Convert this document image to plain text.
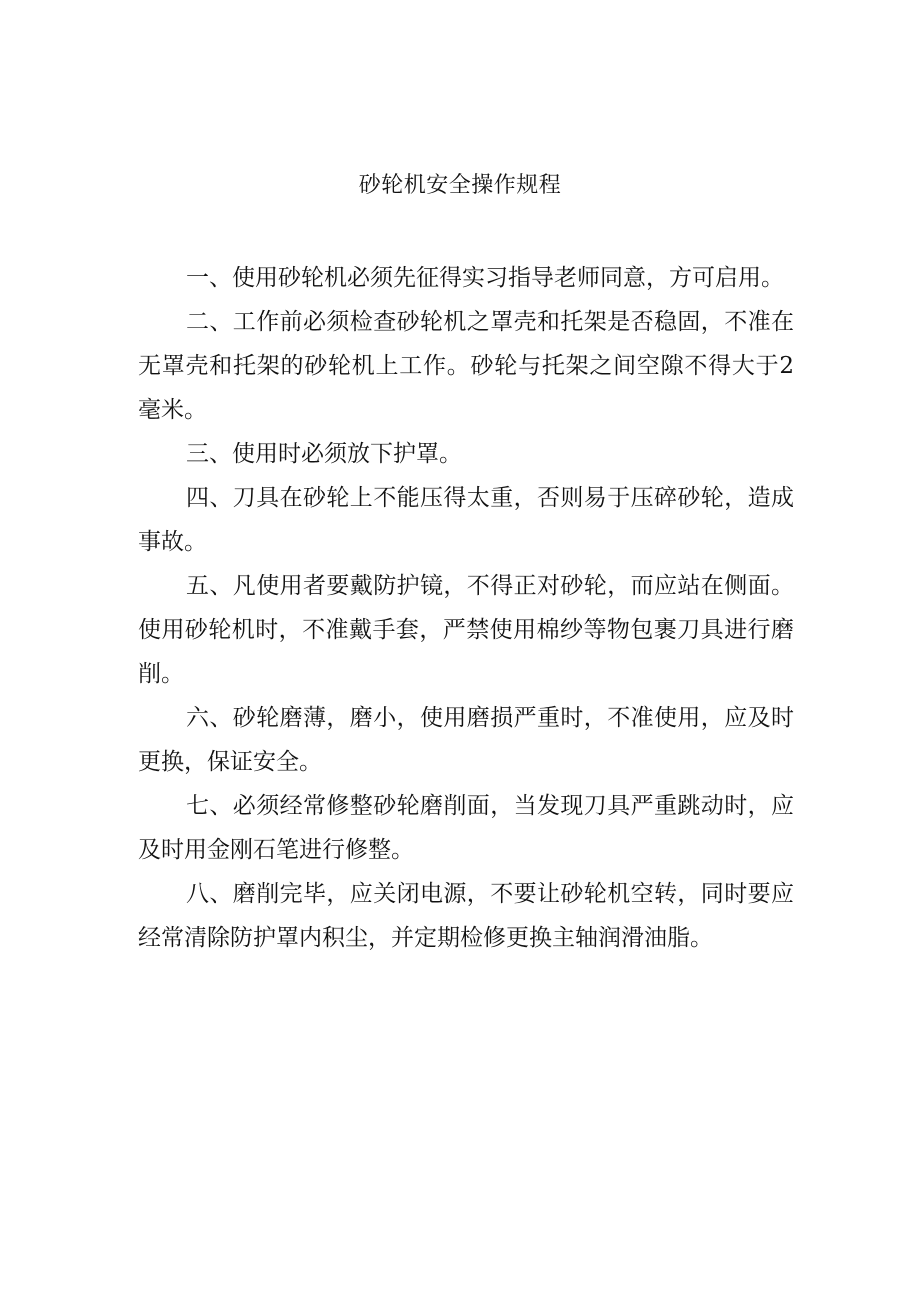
砂轮机安全操作规程

一、使用砂轮机必须先征得实习指导老师同意，方可启用。

二、工作前必须检查砂轮机之罩壳和托架是否稳固，不准在无罩壳和托架的砂轮机上工作。砂轮与托架之间空隙不得大于2毫米。

三、使用时必须放下护罩。

四、刀具在砂轮上不能压得太重，否则易于压碎砂轮，造成事故。

五、凡使用者要戴防护镜，不得正对砂轮，而应站在侧面。使用砂轮机时，不准戴手套，严禁使用棉纱等物包裹刀具进行磨削。

六、砂轮磨薄，磨小，使用磨损严重时，不准使用，应及时更换，保证安全。

七、必须经常修整砂轮磨削面，当发现刀具严重跳动时，应及时用金刚石笔进行修整。

八、磨削完毕，应关闭电源，不要让砂轮机空转，同时要应经常清除防护罩内积尘，并定期检修更换主轴润滑油脂。
